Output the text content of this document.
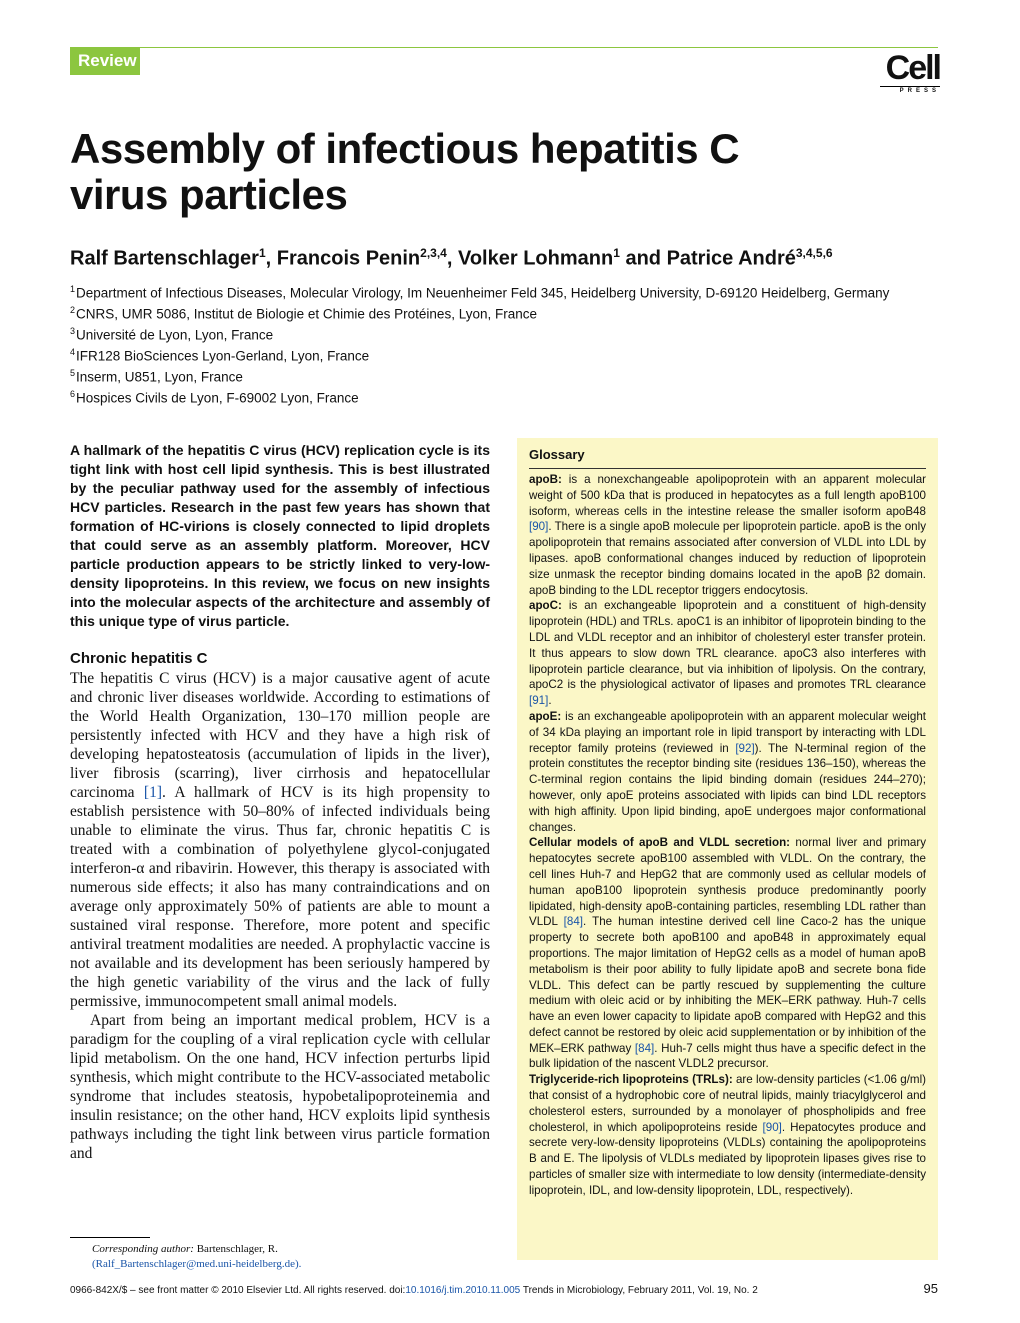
Review	Cell
PRESS
Assembly of infectious hepatitis C
virus particles

Ralf Bartenschlager$^1$, Francois Penin$^{2,3,4}$, Volker Lohmann$^1$ and Patrice André$^{3,4,5,6}$

$^1$Department of Infectious Diseases, Molecular Virology, Im Neuenheimer Feld 345, Heidelberg University, D-69120 Heidelberg, Germany
$^2$CNRS, UMR 5086, Institut de Biologie et Chimie des Protéines, Lyon, France
$^3$Université de Lyon, Lyon, France
$^4$IFR128 BioSciences Lyon-Gerland, Lyon, France
$^5$Inserm, U851, Lyon, France
$^6$Hospices Civils de Lyon, F-69002 Lyon, France

A hallmark of the hepatitis C virus (HCV) replication cycle is its tight link with host cell lipid synthesis. This is best illustrated by the peculiar pathway used for the assembly of infectious HCV particles. Research in the past few years has shown that formation of HC-virions is closely connected to lipid droplets that could serve as an assembly platform. Moreover, HCV particle production appears to be strictly linked to very-low-density lipoproteins. In this review, we focus on new insights into the molecular aspects of the architecture and assembly of this unique type of virus particle.

Chronic hepatitis C

The hepatitis C virus (HCV) is a major causative agent of acute and chronic liver diseases worldwide. According to estimations of the World Health Organization, 130–170 million people are persistently infected with HCV and they have a high risk of developing hepatosteatosis (accumulation of lipids in the liver), liver fibrosis (scarring), liver cirrhosis and hepatocellular carcinoma [1]. A hallmark of HCV is its high propensity to establish persistence with 50–80% of infected individuals being unable to eliminate the virus. Thus far, chronic hepatitis C is treated with a combination of polyethylene glycol-conjugated interferon-α and ribavirin. However, this therapy is associated with numerous side effects; it also has many contraindications and on average only approximately 50% of patients are able to mount a sustained viral response. Therefore, more potent and specific antiviral treatment modalities are needed. A prophylactic vaccine is not available and its development has been seriously hampered by the high genetic variability of the virus and the lack of fully permissive, immunocompetent small animal models.

Apart from being an important medical problem, HCV is a paradigm for the coupling of a viral replication cycle with cellular lipid metabolism. On the one hand, HCV infection perturbs lipid synthesis, which might contribute to the HCV-associated metabolic syndrome that includes steatosis, hypobetalipoproteinemia and insulin resistance; on the other hand, HCV exploits lipid synthesis pathways including the tight link between virus particle formation and

Corresponding author: Bartenschlager, R.
(Ralf_Bartenschlager@med.uni-heidelberg.de).
Glossary

apoB: is a nonexchangeable apolipoprotein with an apparent molecular weight of 500 kDa that is produced in hepatocytes as a full length apoB100 isoform, whereas cells in the intestine release the smaller isoform apoB48 [90]. There is a single apoB molecule per lipoprotein particle. apoB is the only apolipoprotein that remains associated after conversion of VLDL into LDL by lipases. apoB conformational changes induced by reduction of lipoprotein size unmask the receptor binding domains located in the apoB β2 domain. apoB binding to the LDL receptor triggers endocytosis.
apoC: is an exchangeable lipoprotein and a constituent of high-density lipoprotein (HDL) and TRLs. apoC1 is an inhibitor of lipoprotein binding to the LDL and VLDL receptor and an inhibitor of cholesteryl ester transfer protein. It thus appears to slow down TRL clearance. apoC3 also interferes with lipoprotein particle clearance, but via inhibition of lipolysis. On the contrary, apoC2 is the physiological activator of lipases and promotes TRL clearance [91].
apoE: is an exchangeable apolipoprotein with an apparent molecular weight of 34 kDa playing an important role in lipid transport by interacting with LDL receptor family proteins (reviewed in [92]). The N-terminal region of the protein constitutes the receptor binding site (residues 136–150), whereas the C-terminal region contains the lipid binding domain (residues 244–270); however, only apoE proteins associated with lipids can bind LDL receptors with high affinity. Upon lipid binding, apoE undergoes major conformational changes.
Cellular models of apoB and VLDL secretion: normal liver and primary hepatocytes secrete apoB100 assembled with VLDL. On the contrary, the cell lines Huh-7 and HepG2 that are commonly used as cellular models of human apoB100 lipoprotein synthesis produce predominantly poorly lipidated, high-density apoB-containing particles, resembling LDL rather than VLDL [84]. The human intestine derived cell line Caco-2 has the unique property to secrete both apoB100 and apoB48 in approximately equal proportions. The major limitation of HepG2 cells as a model of human apoB metabolism is their poor ability to fully lipidate apoB and secrete bona fide VLDL. This defect can be partly rescued by supplementing the culture medium with oleic acid or by inhibiting the MEK–ERK pathway. Huh-7 cells have an even lower capacity to lipidate apoB compared with HepG2 and this defect cannot be restored by oleic acid supplementation or by inhibition of the MEK–ERK pathway [84]. Huh-7 cells might thus have a specific defect in the bulk lipidation of the nascent VLDL2 precursor.
Triglyceride-rich lipoproteins (TRLs): are low-density particles (<1.06 g/ml) that consist of a hydrophobic core of neutral lipids, mainly triacylglycerol and cholesterol esters, surrounded by a monolayer of phospholipids and free cholesterol, in which apolipoproteins reside [90]. Hepatocytes produce and secrete very-low-density lipoproteins (VLDLs) containing the apolipoproteins B and E. The lipolysis of VLDLs mediated by lipoprotein lipases gives rise to particles of smaller size with intermediate to low density (intermediate-density lipoprotein, IDL, and low-density lipoprotein, LDL, respectively).

0966-842X/$ – see front matter © 2010 Elsevier Ltd. All rights reserved. doi:10.1016/j.tim.2010.11.005 Trends in Microbiology, February 2011, Vol. 19, No. 2	95
